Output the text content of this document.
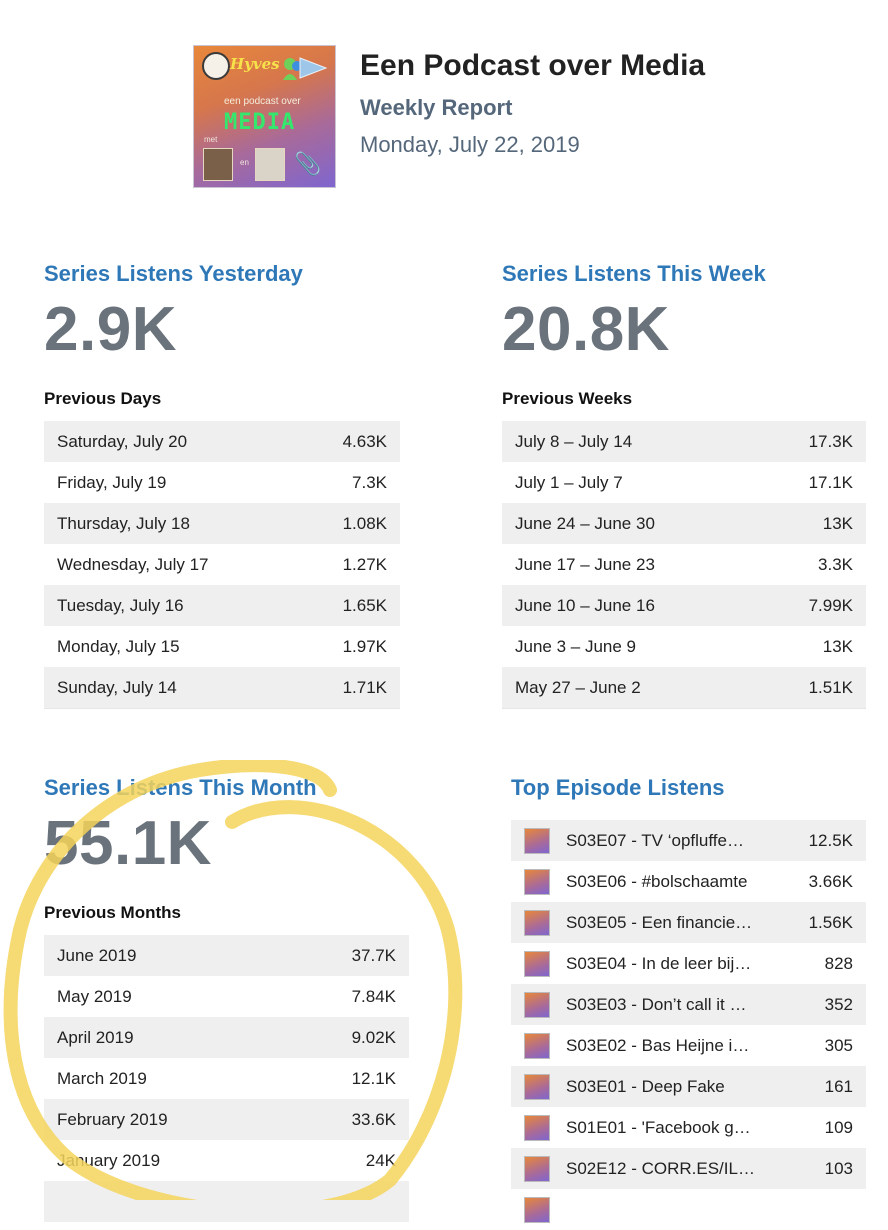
Hyves
een podcast over
MEDIA
met
en 📎
Een Podcast over Media
Weekly Report
Monday, July 22, 2019
Series Listens Yesterday
2.9K
Previous Days
Saturday, July 20	4.63K
Friday, July 19	7.3K
Thursday, July 18	1.08K
Wednesday, July 17	1.27K
Tuesday, July 16	1.65K
Monday, July 15	1.97K
Sunday, July 14	1.71K
Series Listens This Week
20.8K
Previous Weeks
July 8 – July 14	17.3K
July 1 – July 7	17.1K
June 24 – June 30	13K
June 17 – June 23	3.3K
June 10 – June 16	7.99K
June 3 – June 9	13K
May 27 – June 2	1.51K
Series Listens This Month
55.1K
Previous Months
June 2019	37.7K
May 2019	7.84K
April 2019	9.02K
March 2019	12.1K
February 2019	33.6K
January 2019	24K
Top Episode Listens
S03E07 - TV ‘opfluffe…	12.5K
S03E06 - #bolschaamte	3.66K
S03E05 - Een financie…	1.56K
S03E04 - In de leer bij…	828
S03E03 - Don’t call it …	352
S03E02 - Bas Heijne i…	305
S03E01 - Deep Fake	161
S01E01 - 'Facebook g…	109
S02E12 - CORR.ES/IL…	103
